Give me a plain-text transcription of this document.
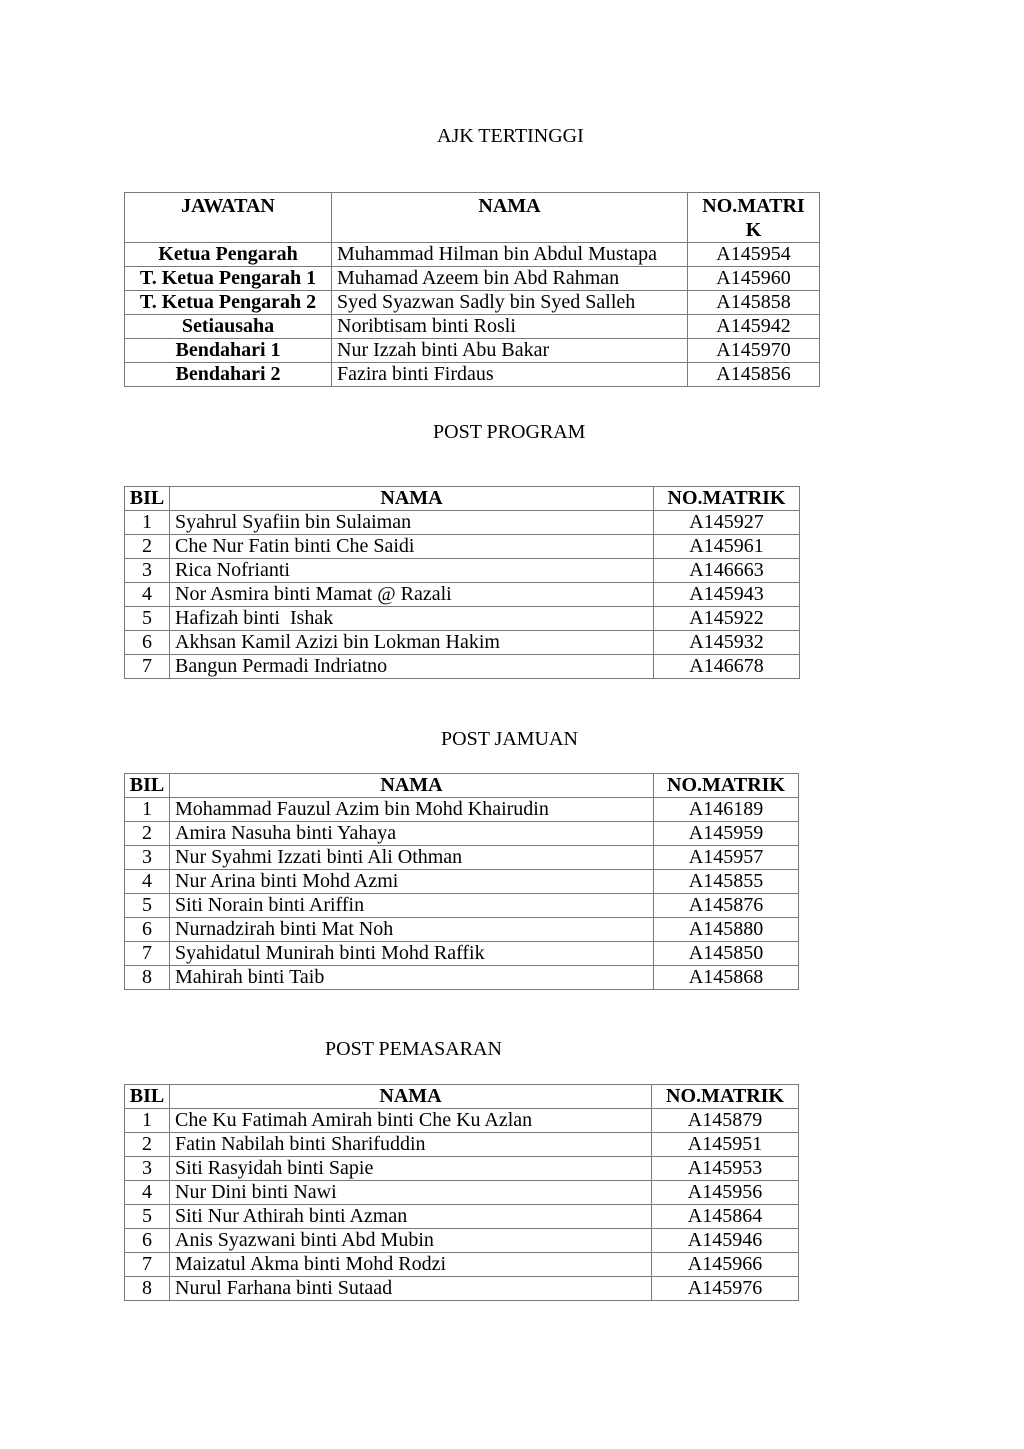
AJK TERTINGGI
JAWATAN	NAMA	NO.MATRI K
Ketua Pengarah	Muhammad Hilman bin Abdul Mustapa	A145954
T. Ketua Pengarah 1	Muhamad Azeem bin Abd Rahman	A145960
T. Ketua Pengarah 2	Syed Syazwan Sadly bin Syed Salleh	A145858
Setiausaha	Noribtisam binti Rosli	A145942
Bendahari 1	Nur Izzah binti Abu Bakar	A145970
Bendahari 2	Fazira binti Firdaus	A145856
POST PROGRAM
BIL	NAMA	NO.MATRIK
1	Syahrul Syafiin bin Sulaiman	A145927
2	Che Nur Fatin binti Che Saidi	A145961
3	Rica Nofrianti	A146663
4	Nor Asmira binti Mamat @ Razali	A145943
5	Hafizah binti  Ishak	A145922
6	Akhsan Kamil Azizi bin Lokman Hakim	A145932
7	Bangun Permadi Indriatno	A146678
POST JAMUAN
BIL	NAMA	NO.MATRIK
1	Mohammad Fauzul Azim bin Mohd Khairudin	A146189
2	Amira Nasuha binti Yahaya	A145959
3	Nur Syahmi Izzati binti Ali Othman	A145957
4	Nur Arina binti Mohd Azmi	A145855
5	Siti Norain binti Ariffin	A145876
6	Nurnadzirah binti Mat Noh	A145880
7	Syahidatul Munirah binti Mohd Raffik	A145850
8	Mahirah binti Taib	A145868
POST PEMASARAN
BIL	NAMA	NO.MATRIK
1	Che Ku Fatimah Amirah binti Che Ku Azlan	A145879
2	Fatin Nabilah binti Sharifuddin	A145951
3	Siti Rasyidah binti Sapie	A145953
4	Nur Dini binti Nawi	A145956
5	Siti Nur Athirah binti Azman	A145864
6	Anis Syazwani binti Abd Mubin	A145946
7	Maizatul Akma binti Mohd Rodzi	A145966
8	Nurul Farhana binti Sutaad	A145976
